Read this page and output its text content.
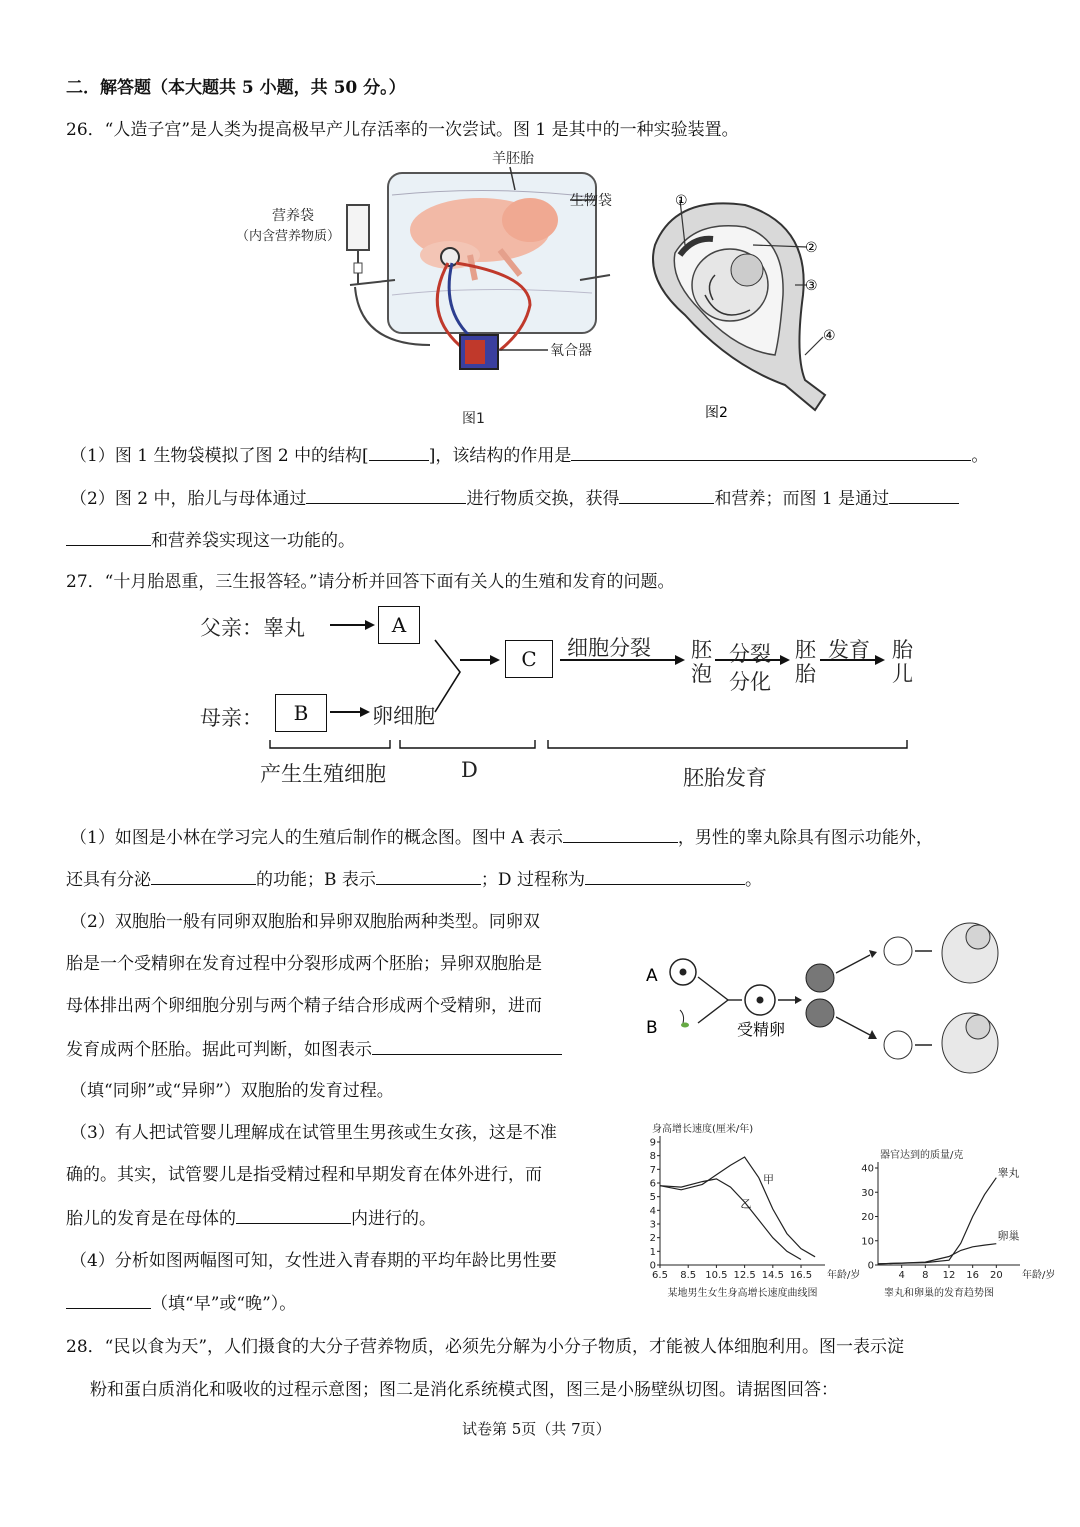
二．解答题（本大题共 5 小题，共 50 分。）
26．“人造子宫”是人类为提高极早产儿存活率的一次尝试。图 1 是其中的一种实验装置。
羊胚胎
生物袋
营养袋
（内含营养物质）
氧合器
图1
①
②
③
④
图2
（1）图 1 生物袋模拟了图 2 中的结构[	]，该结构的作用是	。
（2）图 2 中，胎儿与母体通过	进行物质交换，获得	和营养；而图 1 是通过
和营养袋实现这一功能的。
27．“十月胎恩重，三生报答轻。”请分析并回答下面有关人的生殖和发育的问题。
父亲：睾丸	A
C
母亲：	B	卵细胞
细胞分裂 胚
泡
分裂
分化
胚
胎
发育 胎
儿
产生生殖细胞	D	胚胎发育
（1）如图是小林在学习完人的生殖后制作的概念图。图中 A 表示	，男性的睾丸除具有图示功能外，
还具有分泌	的功能；B 表示	；D 过程称为	。
（2）双胞胎一般有同卵双胞胎和异卵双胞胎两种类型。同卵双
胎是一个受精卵在发育过程中分裂形成两个胚胎；异卵双胞胎是
母体排出两个卵细胞分别与两个精子结合形成两个受精卵，进而
发育成两个胚胎。据此可判断，如图表示
（填“同卵”或“异卵”）双胞胎的发育过程。
A
B	受精卵
（3）有人把试管婴儿理解成在试管里生男孩或生女孩，这是不准
确的。其实，试管婴儿是指受精过程和早期发育在体外进行，而
胎儿的发育是在母体的	内进行的。
（4）分析如图两幅图可知，女性进入青春期的平均年龄比男性要
（填“早”或“晚”）。
0
1
2
3
4
5
6
7
8
9
6.5 8.5 10.5 12.5 14.5 16.5 年龄/岁
身高增长速度(厘米/年)
某地男生女生身高增长速度曲线图
甲
乙
0
10
20
30
40
4 8 12 16 20 年龄/岁
器官达到的质量/克
睾丸和卵巢的发育趋势图
睾丸
卵巢
28．“民以食为天”，人们摄食的大分子营养物质，必须先分解为小分子物质，才能被人体细胞利用。图一表示淀
粉和蛋白质消化和吸收的过程示意图；图二是消化系统模式图，图三是小肠壁纵切图。请据图回答：
试卷第 5页（共 7页）
